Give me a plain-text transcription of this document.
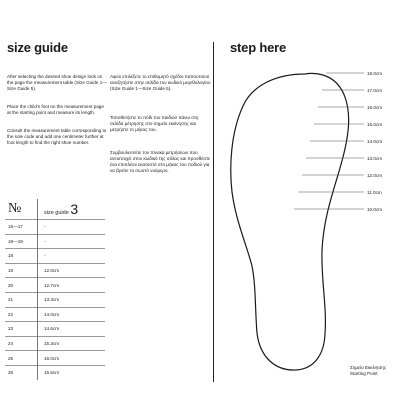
size guide

After selecting the desired shoe design look on the page the measurement table (Size Guide 1—Size Guide 5).

Place the child's foot on the measurement page at the starting point and measure its length.

Consult the measurement table corresponding to the sole code and add one centimeter further at foot length to find the right shoe number.

Αφού επιλέξετε το επιθυμητό σχέδιο παπουτσιού αναζητήστε στην σελίδα τον κωδικό μεγεθολογίου (Size Guide 1—Size Guide 5).

Τοποθετήστε το πόδι του παιδιού πάνω στη σελίδα μέτρησης στο σημείο εκκίνησης και μετρήστε το μήκος του.

Συμβουλευτείτε τον πίνακα μετρήσεων που αντιστοιχεί στον κωδικό της σόλας και προσθέστε ένα επιπλέον εκατοστό στο μήκος του ποδιού για να βρείτε το σωστό νούμερο.

№	size guide 3
16—17	-
18—19	-
18	-
19	12.0cm
20	12.7cm
21	13.3cm
22	14.0cm
23	14.6cm
24	15.3cm
25	16.0cm
26	16.6cm
step here
18.0cm
17.0cm
16.0cm
15.0cm
14.0cm
13.0cm
12.0cm
11.0cm
10.0cm
Σημείο Εκκίνησης
Starting Point
